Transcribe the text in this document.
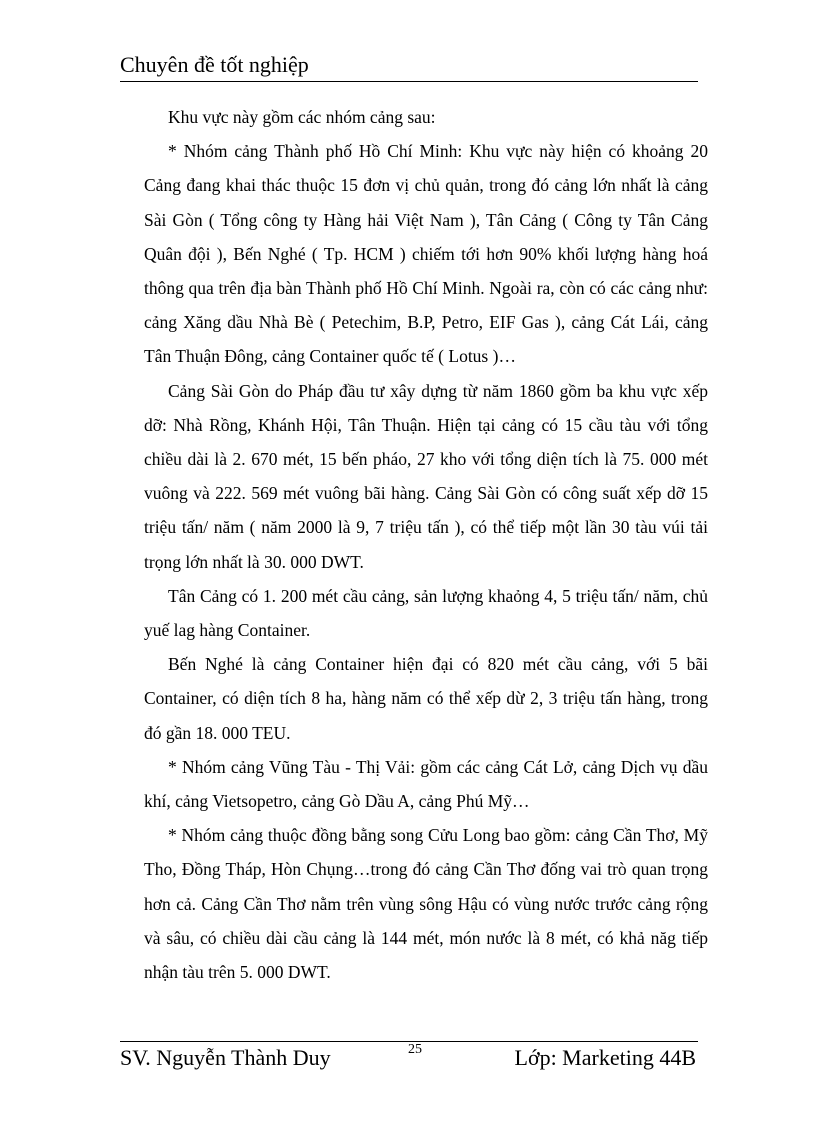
Chuyên đề tốt nghiệp

Khu vực này gồm các nhóm cảng sau:

* Nhóm cảng Thành phố Hồ Chí Minh: Khu vực này hiện có khoảng 20 Cảng đang khai thác thuộc 15 đơn vị chủ quản, trong đó cảng lớn nhất là cảng Sài Gòn ( Tổng công ty Hàng hải Việt Nam ), Tân Cảng ( Công ty Tân Cảng Quân đội ), Bến Nghé ( Tp. HCM ) chiếm tới hơn 90% khối lượng hàng hoá thông qua trên địa bàn Thành phố Hồ Chí Minh. Ngoài ra, còn có các cảng như: cảng Xăng dầu Nhà Bè ( Petechim, B.P, Petro, EIF Gas ), cảng Cát Lái, cảng Tân Thuận Đông, cảng Container quốc tế ( Lotus )…

Cảng Sài Gòn do Pháp đầu tư xây dựng từ năm 1860 gồm ba khu vực xếp dỡ: Nhà Rồng, Khánh Hội, Tân Thuận. Hiện tại cảng có 15 cầu tàu với tổng chiều dài là 2. 670 mét, 15 bến pháo, 27 kho với tổng diện tích là 75. 000 mét vuông và 222. 569 mét vuông bãi hàng. Cảng Sài Gòn có công suất xếp dỡ 15 triệu tấn/ năm ( năm 2000 là 9, 7 triệu tấn ), có thể tiếp một lần 30 tàu vúi tải trọng lớn nhất là 30. 000 DWT.

Tân Cảng có 1. 200 mét cầu cảng, sản lượng khaỏng 4, 5 triệu tấn/ năm, chủ yuế lag hàng Container.

Bến Nghé là cảng Container hiện đại có 820 mét cầu cảng, với 5 bãi Container, có diện tích 8 ha, hàng năm có thể xếp dừ 2, 3 triệu tấn hàng, trong đó gần 18. 000 TEU.

* Nhóm cảng Vũng Tàu - Thị Vải: gồm các cảng Cát Lở, cảng Dịch vụ dầu khí, cảng Vietsopetro, cảng Gò Dầu A, cảng Phú Mỹ…

* Nhóm cảng thuộc đồng bằng song Cửu Long bao gồm: cảng Cần Thơ, Mỹ Tho, Đồng Tháp, Hòn Chụng…trong đó cảng Cần Thơ đống vai trò quan trọng hơn cả. Cảng Cần Thơ nằm trên vùng sông Hậu có vùng nước trước cảng rộng và sâu, có chiều dài cầu cảng là 144 mét, món nước là 8 mét, có khả năg tiếp nhận tàu trên 5. 000 DWT.

SV. Nguyễn Thành Duy	25	Lớp: Marketing 44B
